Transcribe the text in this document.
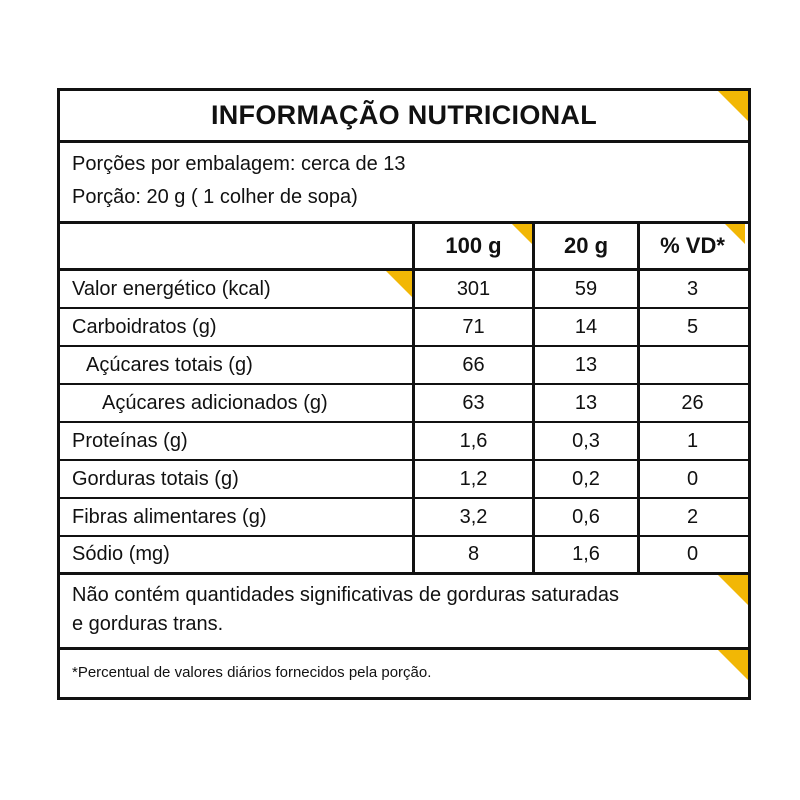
INFORMAÇÃO NUTRICIONAL
Porções por embalagem: cerca de 13
Porção: 20 g ( 1 colher de sopa)
100 g	20 g	% VD*
Valor energético (kcal)	301	59	3
Carboidratos (g)	71	14	5
Açúcares totais (g)	66	13
Açúcares adicionados (g)	63	13	26
Proteínas (g)	1,6	0,3	1
Gorduras totais (g)	1,2	0,2	0
Fibras alimentares (g)	3,2	0,6	2
Sódio (mg)	8	1,6	0
Não contém quantidades significativas de gorduras saturadas
e gorduras trans.
*Percentual de valores diários fornecidos pela porção.
